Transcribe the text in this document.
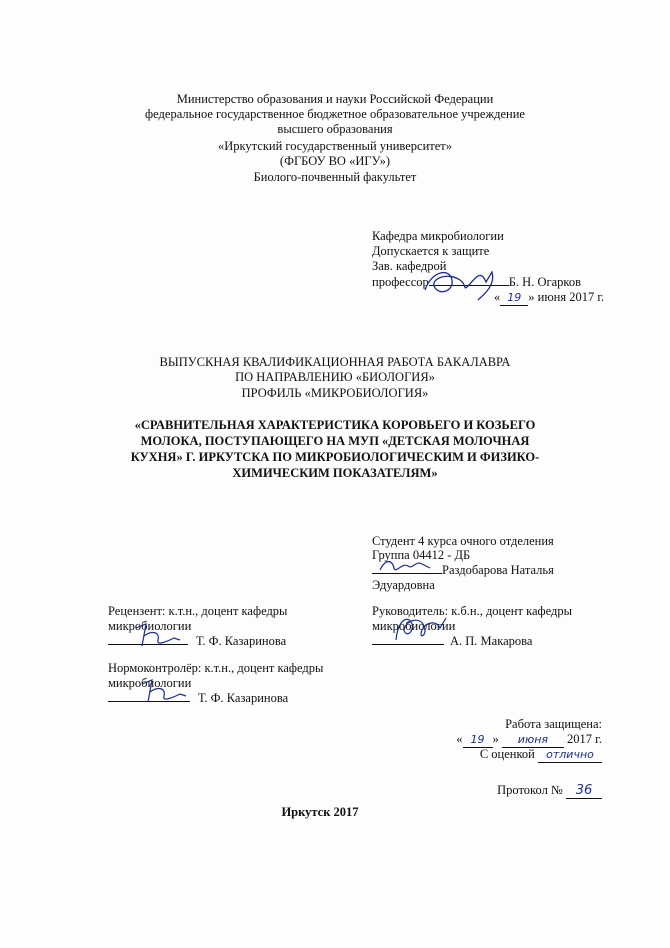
Министерство образования и науки Российской Федерации
федеральное государственное бюджетное образовательное учреждение
высшего образования
«Иркутский государственный университет»
(ФГБОУ ВО «ИГУ»)
Биолого-почвенный факультет
Кафедра микробиологии
Допускается к защите
Зав. кафедрой
профессор	Б. Н. Огарков
« 19 » июня 2017 г.
ВЫПУСКНАЯ КВАЛИФИКАЦИОННАЯ РАБОТА БАКАЛАВРА
ПО НАПРАВЛЕНИЮ «БИОЛОГИЯ»
ПРОФИЛЬ «МИКРОБИОЛОГИЯ»
«СРАВНИТЕЛЬНАЯ ХАРАКТЕРИСТИКА КОРОВЬЕГО И КОЗЬЕГО
МОЛОКА, ПОСТУПАЮЩЕГО НА МУП «ДЕТСКАЯ МОЛОЧНАЯ
КУХНЯ» Г. ИРКУТСКА ПО МИКРОБИОЛОГИЧЕСКИМ И ФИЗИКО-
ХИМИЧЕСКИМ ПОКАЗАТЕЛЯМ»
Студент 4 курса очного отделения
Группа 04412 - ДБ
Раздобарова Наталья
Эдуардовна
Рецензент: к.т.н., доцент кафедры
микробиологии
Т. Ф. Казаринова
Руководитель: к.б.н., доцент кафедры
микробиологии
А. П. Макарова
Нормоконтролёр: к.т.н., доцент кафедры
микробиологии
Т. Ф. Казаринова
Работа защищена:
« 19 » июня 2017 г.
С оценкой отлично
Протокол № 36
Иркутск 2017
